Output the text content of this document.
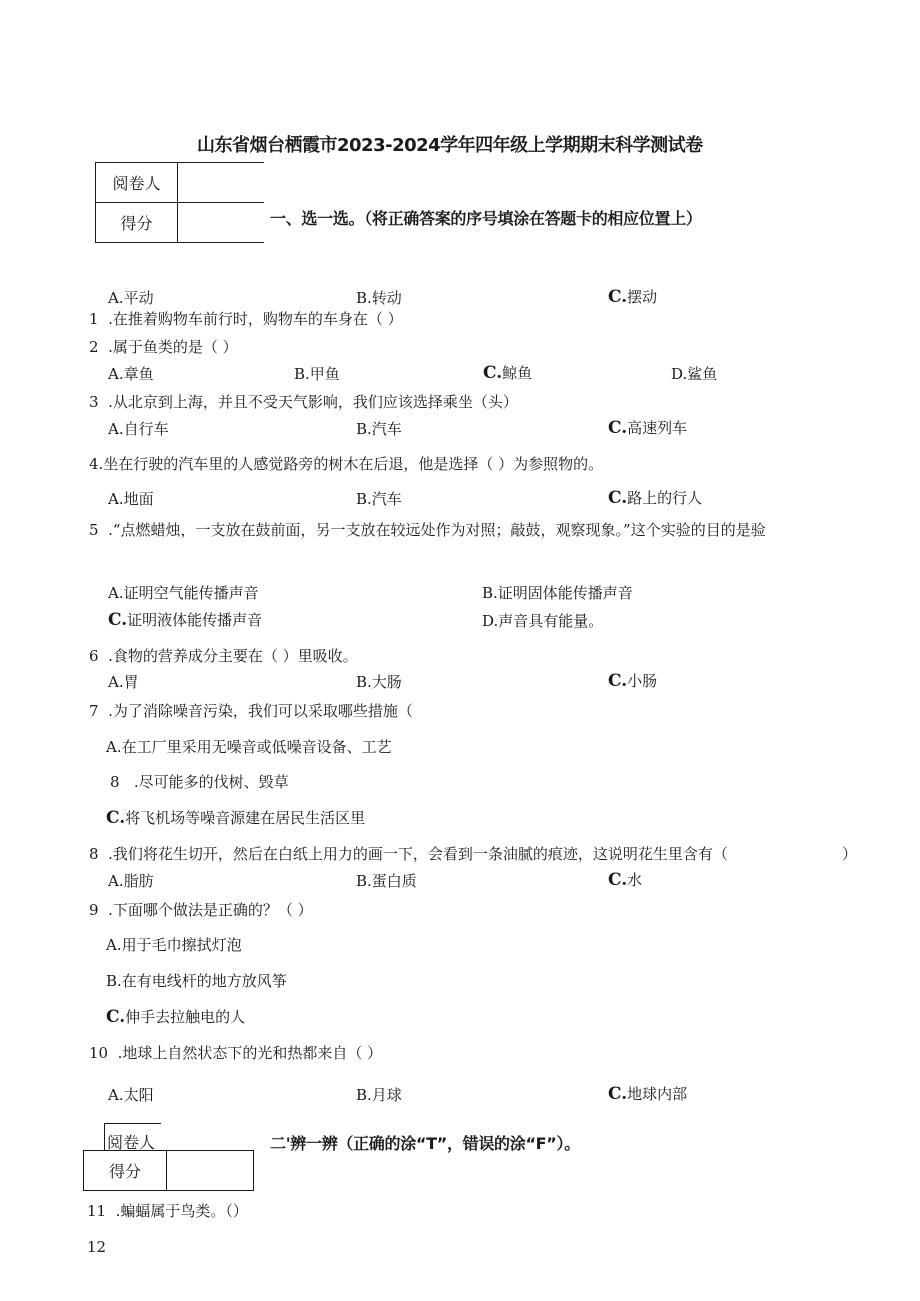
山东省烟台栖霞市2023-2024学年四年级上学期期末科学测试卷
阅卷人
得分	一、选一选。（将正确答案的序号填涂在答题卡的相应位置上）
A.平动	B.转动	C.摆动
1 .在推着购物车前行时，购物车的车身在（ ）
2 .属于鱼类的是（ ）
A.章鱼	B.甲鱼	C.鲸鱼	D.鲨鱼
3 .从北京到上海，并且不受天气影响，我们应该选择乘坐（头）
A.自行车	B.汽车	C.高速列车
4.坐在行驶的汽车里的人感觉路旁的树木在后退，他是选择（ ）为参照物的。
A.地面	B.汽车	C.路上的行人
5 .“点燃蜡烛，一支放在鼓前面，另一支放在较远处作为对照；敲鼓，观察现象。”这个实验的目的是验
A.证明空气能传播声音	B.证明固体能传播声音
C.证明液体能传播声音	D.声音具有能量。
6 .食物的营养成分主要在（ ）里吸收。
A.胃	B.大肠	C.小肠
7 .为了消除噪音污染，我们可以采取哪些措施（
A.在工厂里采用无噪音或低噪音设备、工艺
8 .尽可能多的伐树、毁草
C.将飞机场等噪音源建在居民生活区里
8 .我们将花生切开，然后在白纸上用力的画一下，会看到一条油腻的痕迹，这说明花生里含有（	）
A.脂肪	B.蛋白质	C.水
9 .下面哪个做法是正确的？（ ）
A.用于毛巾擦拭灯泡
B.在有电线杆的地方放风筝
C.伸手去拉触电的人
10 .地球上自然状态下的光和热都来自（ ）
A.太阳	B.月球	C.地球内部
阅卷人
得分
二'辨一辨（正确的涂“T”，错误的涂“F”）。
11 .蝙蝠属于鸟类。（）
12
